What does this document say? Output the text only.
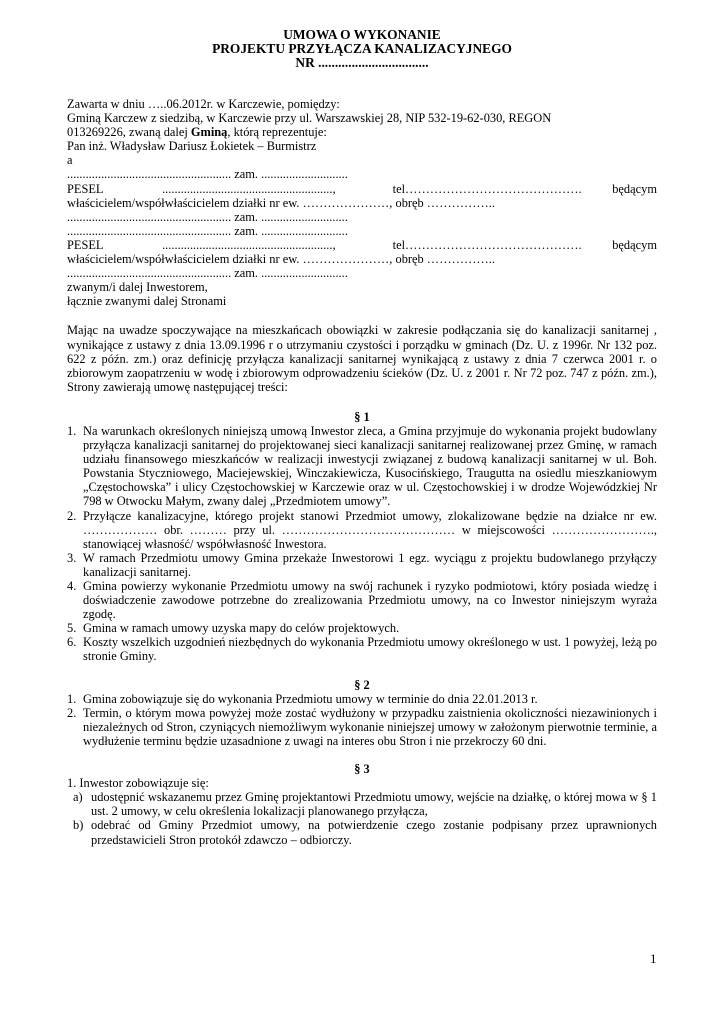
UMOWA O WYKONANIE
PROJEKTU PRZYŁĄCZA KANALIZACYJNEGO
NR .................................
Zawarta w dniu …..06.2012r. w Karczewie, pomiędzy:
Gminą Karczew z siedzibą, w Karczewie przy ul. Warszawskiej 28, NIP 532-19-62-030, REGON
013269226, zwaną dalej Gminą, którą reprezentuje:
Pan inż. Władysław Dariusz Łokietek – Burmistrz
a
..................................................... zam. ............................
PESEL	.......................................................,	tel…………………………………….	będącym
właścicielem/współwłaścicielem działki nr ew. …………………, obręb ……………..
..................................................... zam. ............................
..................................................... zam. ............................
PESEL	.......................................................,	tel…………………………………….	będącym
właścicielem/współwłaścicielem działki nr ew. …………………, obręb ……………..
..................................................... zam. ............................
zwanym/i dalej Inwestorem,
łącznie zwanymi dalej Stronami
Mając na uwadze spoczywające na mieszkańcach obowiązki w zakresie podłączania się do kanalizacji sanitarnej , wynikające z ustawy z dnia 13.09.1996 r o utrzymaniu czystości i porządku w gminach (Dz. U. z 1996r. Nr 132 poz. 622 z późn. zm.) oraz definicję przyłącza kanalizacji sanitarnej wynikającą z ustawy z dnia 7 czerwca 2001 r. o zbiorowym zaopatrzeniu w wodę i zbiorowym odprowadzeniu ścieków (Dz. U. z 2001 r. Nr 72 poz. 747 z późn. zm.), Strony zawierają umowę następującej treści:
§ 1
1. Na warunkach określonych niniejszą umową Inwestor zleca, a Gmina przyjmuje do wykonania projekt budowlany przyłącza kanalizacji sanitarnej do projektowanej sieci kanalizacji sanitarnej realizowanej przez Gminę, w ramach udziału finansowego mieszkańców w realizacji inwestycji związanej z budową kanalizacji sanitarnej w ul. Boh. Powstania Styczniowego, Maciejewskiej, Winczakiewicza, Kusocińskiego, Traugutta na osiedlu mieszkaniowym „Częstochowska” i ulicy Częstochowskiej w Karczewie oraz w ul. Częstochowskiej i w drodze Wojewódzkiej Nr 798 w Otwocku Małym, zwany dalej „Przedmiotem umowy”.
2. Przyłącze kanalizacyjne, którego projekt stanowi Przedmiot umowy, zlokalizowane będzie na działce nr ew. ……………… obr. ……… przy ul. …………………………………… w miejscowości ……………………., stanowiącej własność/ współwłasność Inwestora.
3. W ramach Przedmiotu umowy Gmina przekaże Inwestorowi 1 egz. wyciągu z projektu budowlanego przyłączy kanalizacji sanitarnej.
4. Gmina powierzy wykonanie Przedmiotu umowy na swój rachunek i ryzyko podmiotowi, który posiada wiedzę i doświadczenie zawodowe potrzebne do zrealizowania Przedmiotu umowy, na co Inwestor niniejszym wyraża zgodę.
5. Gmina w ramach umowy uzyska mapy do celów projektowych.
6. Koszty wszelkich uzgodnień niezbędnych do wykonania Przedmiotu umowy określonego w ust. 1 powyżej, leżą po stronie Gminy.
§ 2
1. Gmina zobowiązuje się do wykonania Przedmiotu umowy w terminie do dnia 22.01.2013 r.
2. Termin, o którym mowa powyżej może zostać wydłużony w przypadku zaistnienia okoliczności niezawinionych i niezależnych od Stron, czyniących niemożliwym wykonanie niniejszej umowy w założonym pierwotnie terminie, a wydłużenie terminu będzie uzasadnione z uwagi na interes obu Stron i nie przekroczy 60 dni.
§ 3
1. Inwestor zobowiązuje się:
a) udostępnić wskazanemu przez Gminę projektantowi Przedmiotu umowy, wejście na działkę, o której mowa w § 1 ust. 2 umowy, w celu określenia lokalizacji planowanego przyłącza,
b) odebrać od Gminy Przedmiot umowy, na potwierdzenie czego zostanie podpisany przez uprawnionych przedstawicieli Stron protokół zdawczo – odbiorczy.
1
